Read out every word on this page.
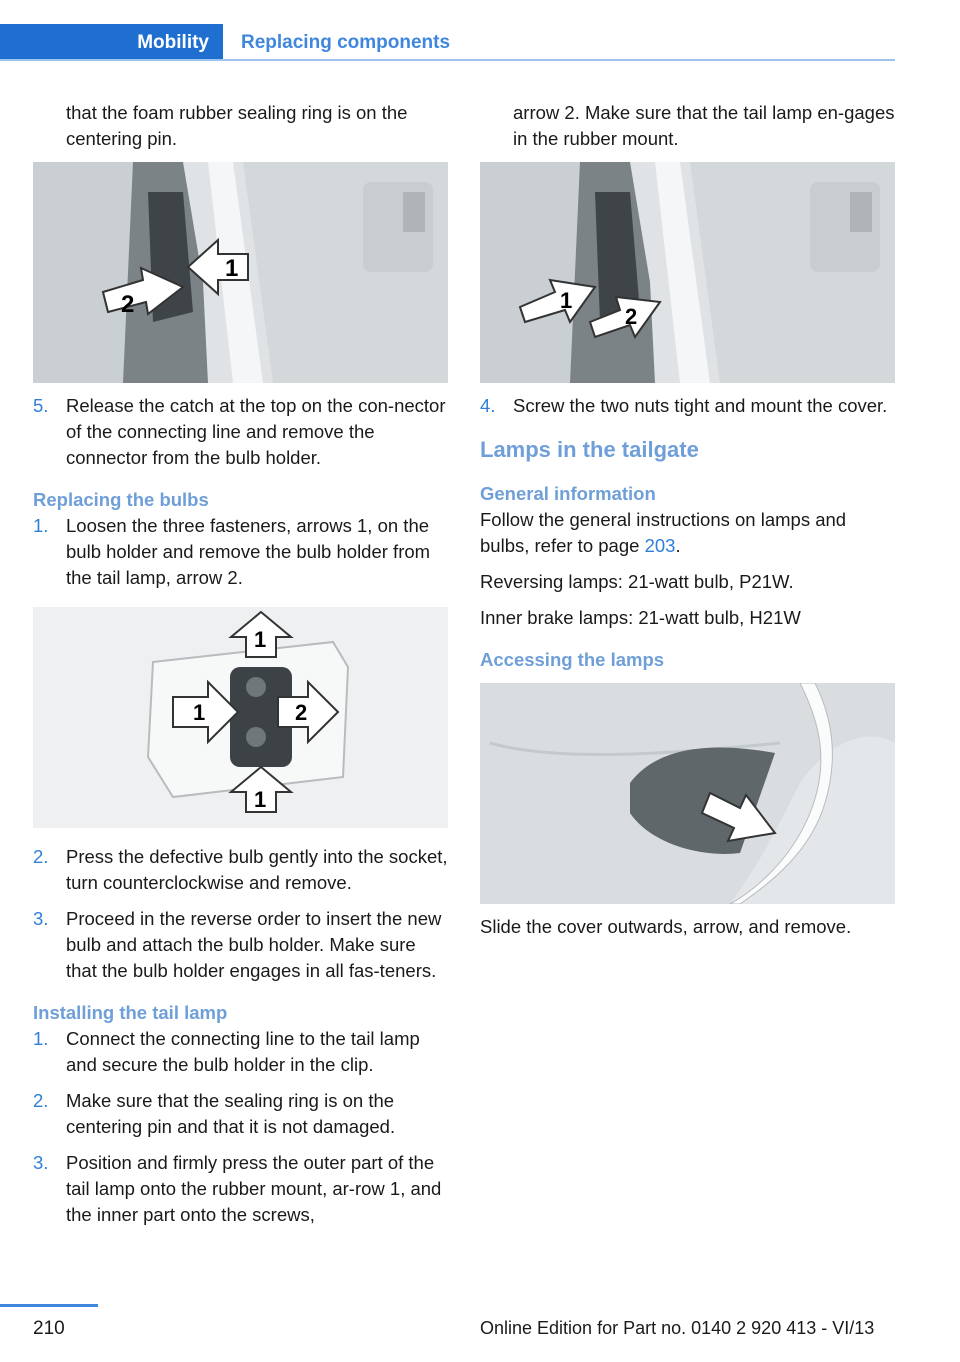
Mobility	Replacing components

that the foam rubber sealing ring is on the centering pin.

1
2
5. Release the catch at the top on the con-nector of the connecting line and remove the connector from the bulb holder.
Replacing the bulbs
1. Loosen the three fasteners, arrows 1, on the bulb holder and remove the bulb holder from the tail lamp, arrow 2.
1
1	2
1
2. Press the defective bulb gently into the socket, turn counterclockwise and remove.
3. Proceed in the reverse order to insert the new bulb and attach the bulb holder. Make sure that the bulb holder engages in all fas-teners.
Installing the tail lamp
1. Connect the connecting line to the tail lamp and secure the bulb holder in the clip.
2. Make sure that the sealing ring is on the centering pin and that it is not damaged.
3. Position and firmly press the outer part of the tail lamp onto the rubber mount, ar-row 1, and the inner part onto the screws,

arrow 2. Make sure that the tail lamp en-gages in the rubber mount.

1
2
4. Screw the two nuts tight and mount the cover.
Lamps in the tailgate
General information

Follow the general instructions on lamps and bulbs, refer to page 203.

Reversing lamps: 21-watt bulb, P21W.

Inner brake lamps: 21-watt bulb, H21W

Accessing the lamps

Slide the cover outwards, arrow, and remove.

210	Online Edition for Part no. 0140 2 920 413 - VI/13
